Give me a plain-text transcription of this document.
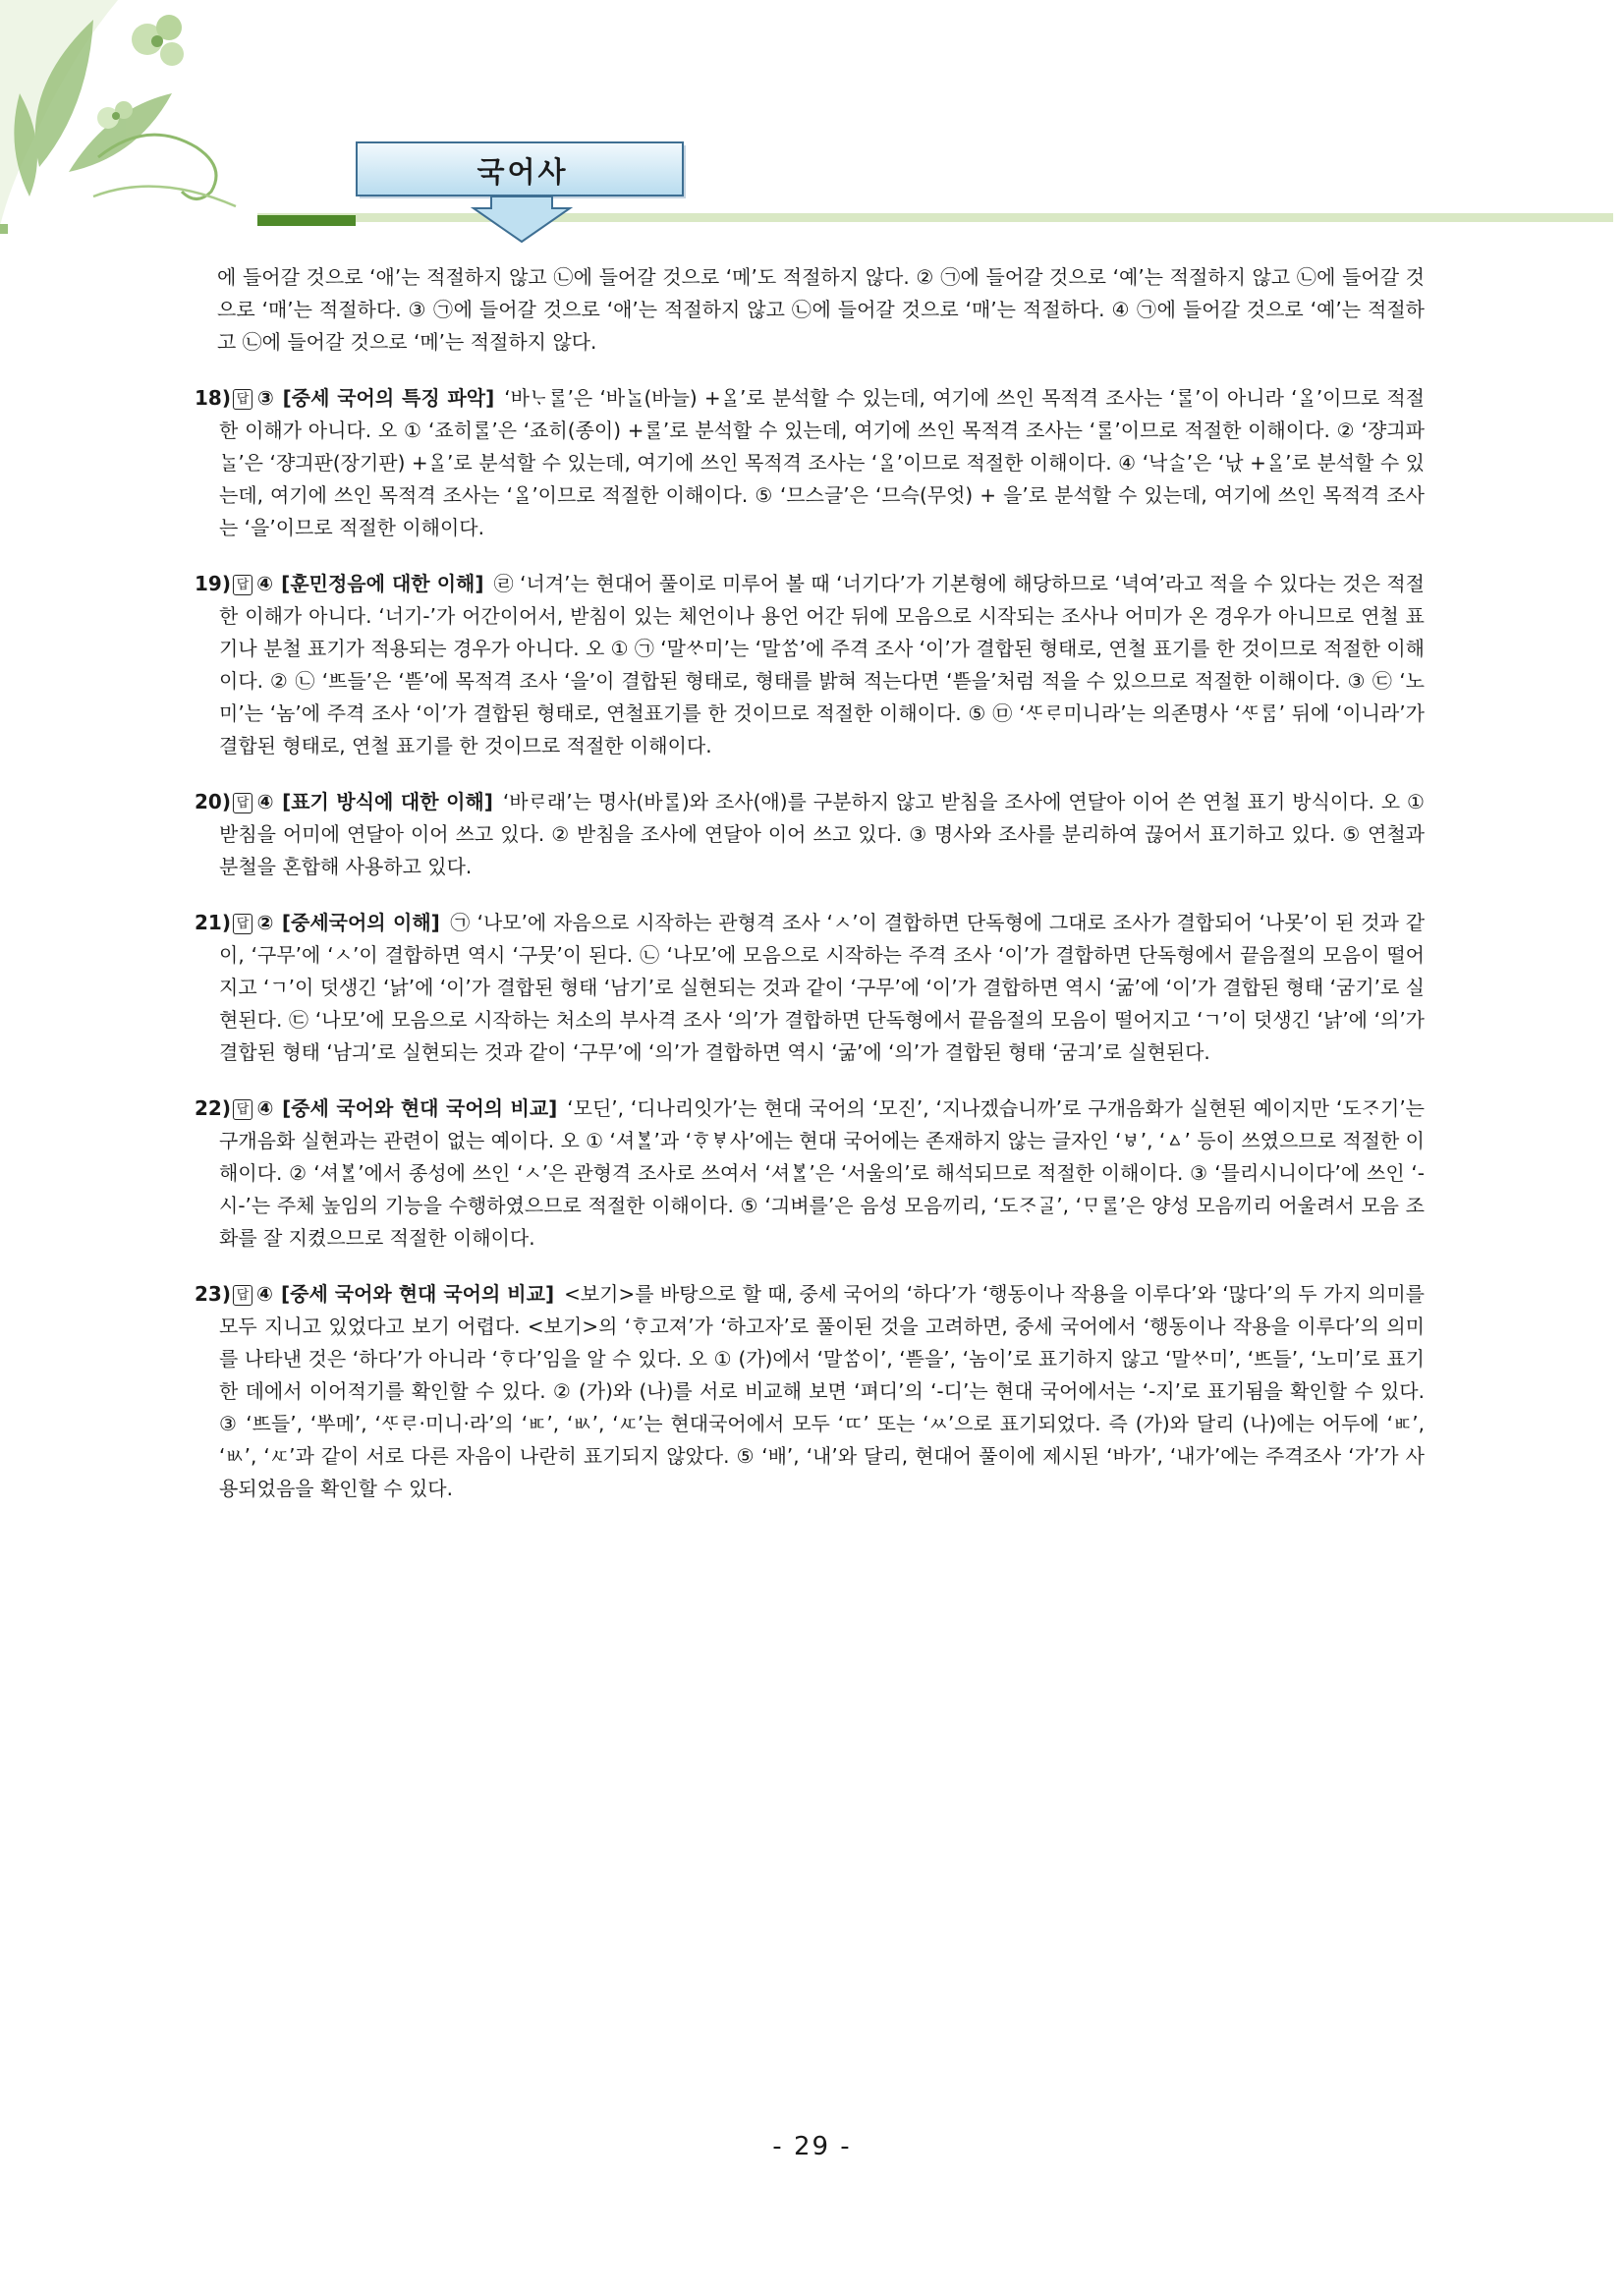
국어사

에 들어갈 것으로 ‘애’는 적절하지 않고 ㉡에 들어갈 것으로 ‘메’도 적절하지 않다. ② ㉠에 들어갈 것으로 ‘예’는 적절하지 않고 ㉡에 들어갈 것으로 ‘매’는 적절하다. ③ ㉠에 들어갈 것으로 ‘애’는 적절하지 않고 ㉡에 들어갈 것으로 ‘매’는 적절하다. ④ ㉠에 들어갈 것으로 ‘예’는 적절하고 ㉡에 들어갈 것으로 ‘메’는 적절하지 않다.

18) 답 ③ [중세 국어의 특징 파악] ‘바ᄂᆞᄅᆞᆯ’은 ‘바ᄂᆞᆯ(바늘) +ᄋᆞᆯ’로 분석할 수 있는데, 여기에 쓰인 목적격 조사는 ‘ᄅᆞᆯ’이 아니라 ‘ᄋᆞᆯ’이므로 적절한 이해가 아니다. 오 ① ‘죠히ᄅᆞᆯ’은 ‘죠히(종이) +ᄅᆞᆯ’로 분석할 수 있는데, 여기에 쓰인 목적격 조사는 ‘ᄅᆞᆯ’이므로 적절한 이해이다. ② ‘쟝긔파ᄂᆞᆯ’은 ‘쟝긔판(장기판) +ᄋᆞᆯ’로 분석할 수 있는데, 여기에 쓰인 목적격 조사는 ‘ᄋᆞᆯ’이므로 적절한 이해이다. ④ ‘낙ᄉᆞᆯ’은 ‘낛 +ᄋᆞᆯ’로 분석할 수 있는데, 여기에 쓰인 목적격 조사는 ‘ᄋᆞᆯ’이므로 적절한 이해이다. ⑤ ‘므스글’은 ‘므슥(무엇) + 을’로 분석할 수 있는데, 여기에 쓰인 목적격 조사는 ‘을’이므로 적절한 이해이다.
19) 답 ④ [훈민정음에 대한 이해] ㉣ ‘너겨’는 현대어 풀이로 미루어 볼 때 ‘너기다’가 기본형에 해당하므로 ‘녁여’라고 적을 수 있다는 것은 적절한 이해가 아니다. ‘너기-’가 어간이어서, 받침이 있는 체언이나 용언 어간 뒤에 모음으로 시작되는 조사나 어미가 온 경우가 아니므로 연철 표기나 분철 표기가 적용되는 경우가 아니다. 오 ① ㉠ ‘말ᄊᆞ미’는 ‘말ᄊᆞᆷ’에 주격 조사 ‘이’가 결합된 형태로, 연철 표기를 한 것이므로 적절한 이해이다. ② ㉡ ‘ᄠᅳ들’은 ‘ᄠᅳᆮ’에 목적격 조사 ‘을’이 결합된 형태로, 형태를 밝혀 적는다면 ‘ᄠᅳᆮ을’처럼 적을 수 있으므로 적절한 이해이다. ③ ㉢ ‘노미’는 ‘놈’에 주격 조사 ‘이’가 결합된 형태로, 연철표기를 한 것이므로 적절한 이해이다. ⑤ ㉤ ‘ᄯᆞᄅᆞ미니라’는 의존명사 ‘ᄯᆞᄅᆞᆷ’ 뒤에 ‘이니라’가 결합된 형태로, 연철 표기를 한 것이므로 적절한 이해이다.
20) 답 ④ [표기 방식에 대한 이해] ‘바ᄅᆞ래’는 명사(바ᄅᆞᆯ)와 조사(애)를 구분하지 않고 받침을 조사에 연달아 이어 쓴 연철 표기 방식이다. 오 ① 받침을 어미에 연달아 이어 쓰고 있다. ② 받침을 조사에 연달아 이어 쓰고 있다. ③ 명사와 조사를 분리하여 끊어서 표기하고 있다. ⑤ 연철과 분철을 혼합해 사용하고 있다.
21) 답 ② [중세국어의 이해] ㉠ ‘나모’에 자음으로 시작하는 관형격 조사 ‘ㅅ’이 결합하면 단독형에 그대로 조사가 결합되어 ‘나못’이 된 것과 같이, ‘구무’에 ‘ㅅ’이 결합하면 역시 ‘구뭇’이 된다. ㉡ ‘나모’에 모음으로 시작하는 주격 조사 ‘이’가 결합하면 단독형에서 끝음절의 모음이 떨어지고 ‘ㄱ’이 덧생긴 ‘낡’에 ‘이’가 결합된 형태 ‘남기’로 실현되는 것과 같이 ‘구무’에 ‘이’가 결합하면 역시 ‘굶’에 ‘이’가 결합된 형태 ‘굼기’로 실현된다. ㉢ ‘나모’에 모음으로 시작하는 처소의 부사격 조사 ‘의’가 결합하면 단독형에서 끝음절의 모음이 떨어지고 ‘ㄱ’이 덧생긴 ‘낡’에 ‘의’가 결합된 형태 ‘남긔’로 실현되는 것과 같이 ‘구무’에 ‘의’가 결합하면 역시 ‘굶’에 ‘의’가 결합된 형태 ‘굼긔’로 실현된다.
22) 답 ④ [중세 국어와 현대 국어의 비교] ‘모딘’, ‘디나리잇가’는 현대 국어의 ‘모진’, ‘지나겠습니까’로 구개음화가 실현된 예이지만 ‘도ᄌᆞ기’는 구개음화 실현과는 관련이 없는 예이다. 오 ① ‘셔ᄫᆞᆯ’과 ‘ᄒᆞᄫᆞ사’에는 현대 국어에는 존재하지 않는 글자인 ‘ㅸ’, ‘ㅿ’ 등이 쓰였으므로 적절한 이해이다. ② ‘셔ᄫᆞᆯ’에서 종성에 쓰인 ‘ㅅ’은 관형격 조사로 쓰여서 ‘셔ᄫᆞᆯ’은 ‘서울의’로 해석되므로 적절한 이해이다. ③ ‘믈리시니이다’에 쓰인 ‘-시-’는 주체 높임의 기능을 수행하였으므로 적절한 이해이다. ⑤ ‘긔벼를’은 음성 모음끼리, ‘도ᄌᆞᄀᆞᆯ’, ‘ᄆᆞᄅᆞᆯ’은 양성 모음끼리 어울려서 모음 조화를 잘 지켰으므로 적절한 이해이다.
23) 답 ④ [중세 국어와 현대 국어의 비교] <보기>를 바탕으로 할 때, 중세 국어의 ‘하다’가 ‘행동이나 작용을 이루다’와 ‘많다’의 두 가지 의미를 모두 지니고 있었다고 보기 어렵다. <보기>의 ‘ᄒᆞ고져’가 ‘하고자’로 풀이된 것을 고려하면, 중세 국어에서 ‘행동이나 작용을 이루다’의 의미를 나타낸 것은 ‘하다’가 아니라 ‘ᄒᆞ다’임을 알 수 있다. 오 ① (가)에서 ‘말ᄊᆞᆷ이’, ‘ᄠᅳᆮ을’, ‘놈이’로 표기하지 않고 ‘말ᄊᆞ미’, ‘ᄠᅳ들’, ‘노미’로 표기한 데에서 이어적기를 확인할 수 있다. ② (가)와 (나)를 서로 비교해 보면 ‘펴디’의 ‘-디’는 현대 국어에서는 ‘-지’로 표기됨을 확인할 수 있다. ③ ‘ᄠᅳ들’, ‘ᄡᅮ메’, ‘ᄯᆞᄅᆞ·미니·라’의 ‘ㅳ’, ‘ㅄ’, ‘ㅼ’는 현대국어에서 모두 ‘ㄸ’ 또는 ‘ㅆ’으로 표기되었다. 즉 (가)와 달리 (나)에는 어두에 ‘ㅳ’, ‘ㅄ’, ‘ㅼ’과 같이 서로 다른 자음이 나란히 표기되지 않았다. ⑤ ‘배’, ‘내’와 달리, 현대어 풀이에 제시된 ‘바가’, ‘내가’에는 주격조사 ‘가’가 사용되었음을 확인할 수 있다.
- 29 -
